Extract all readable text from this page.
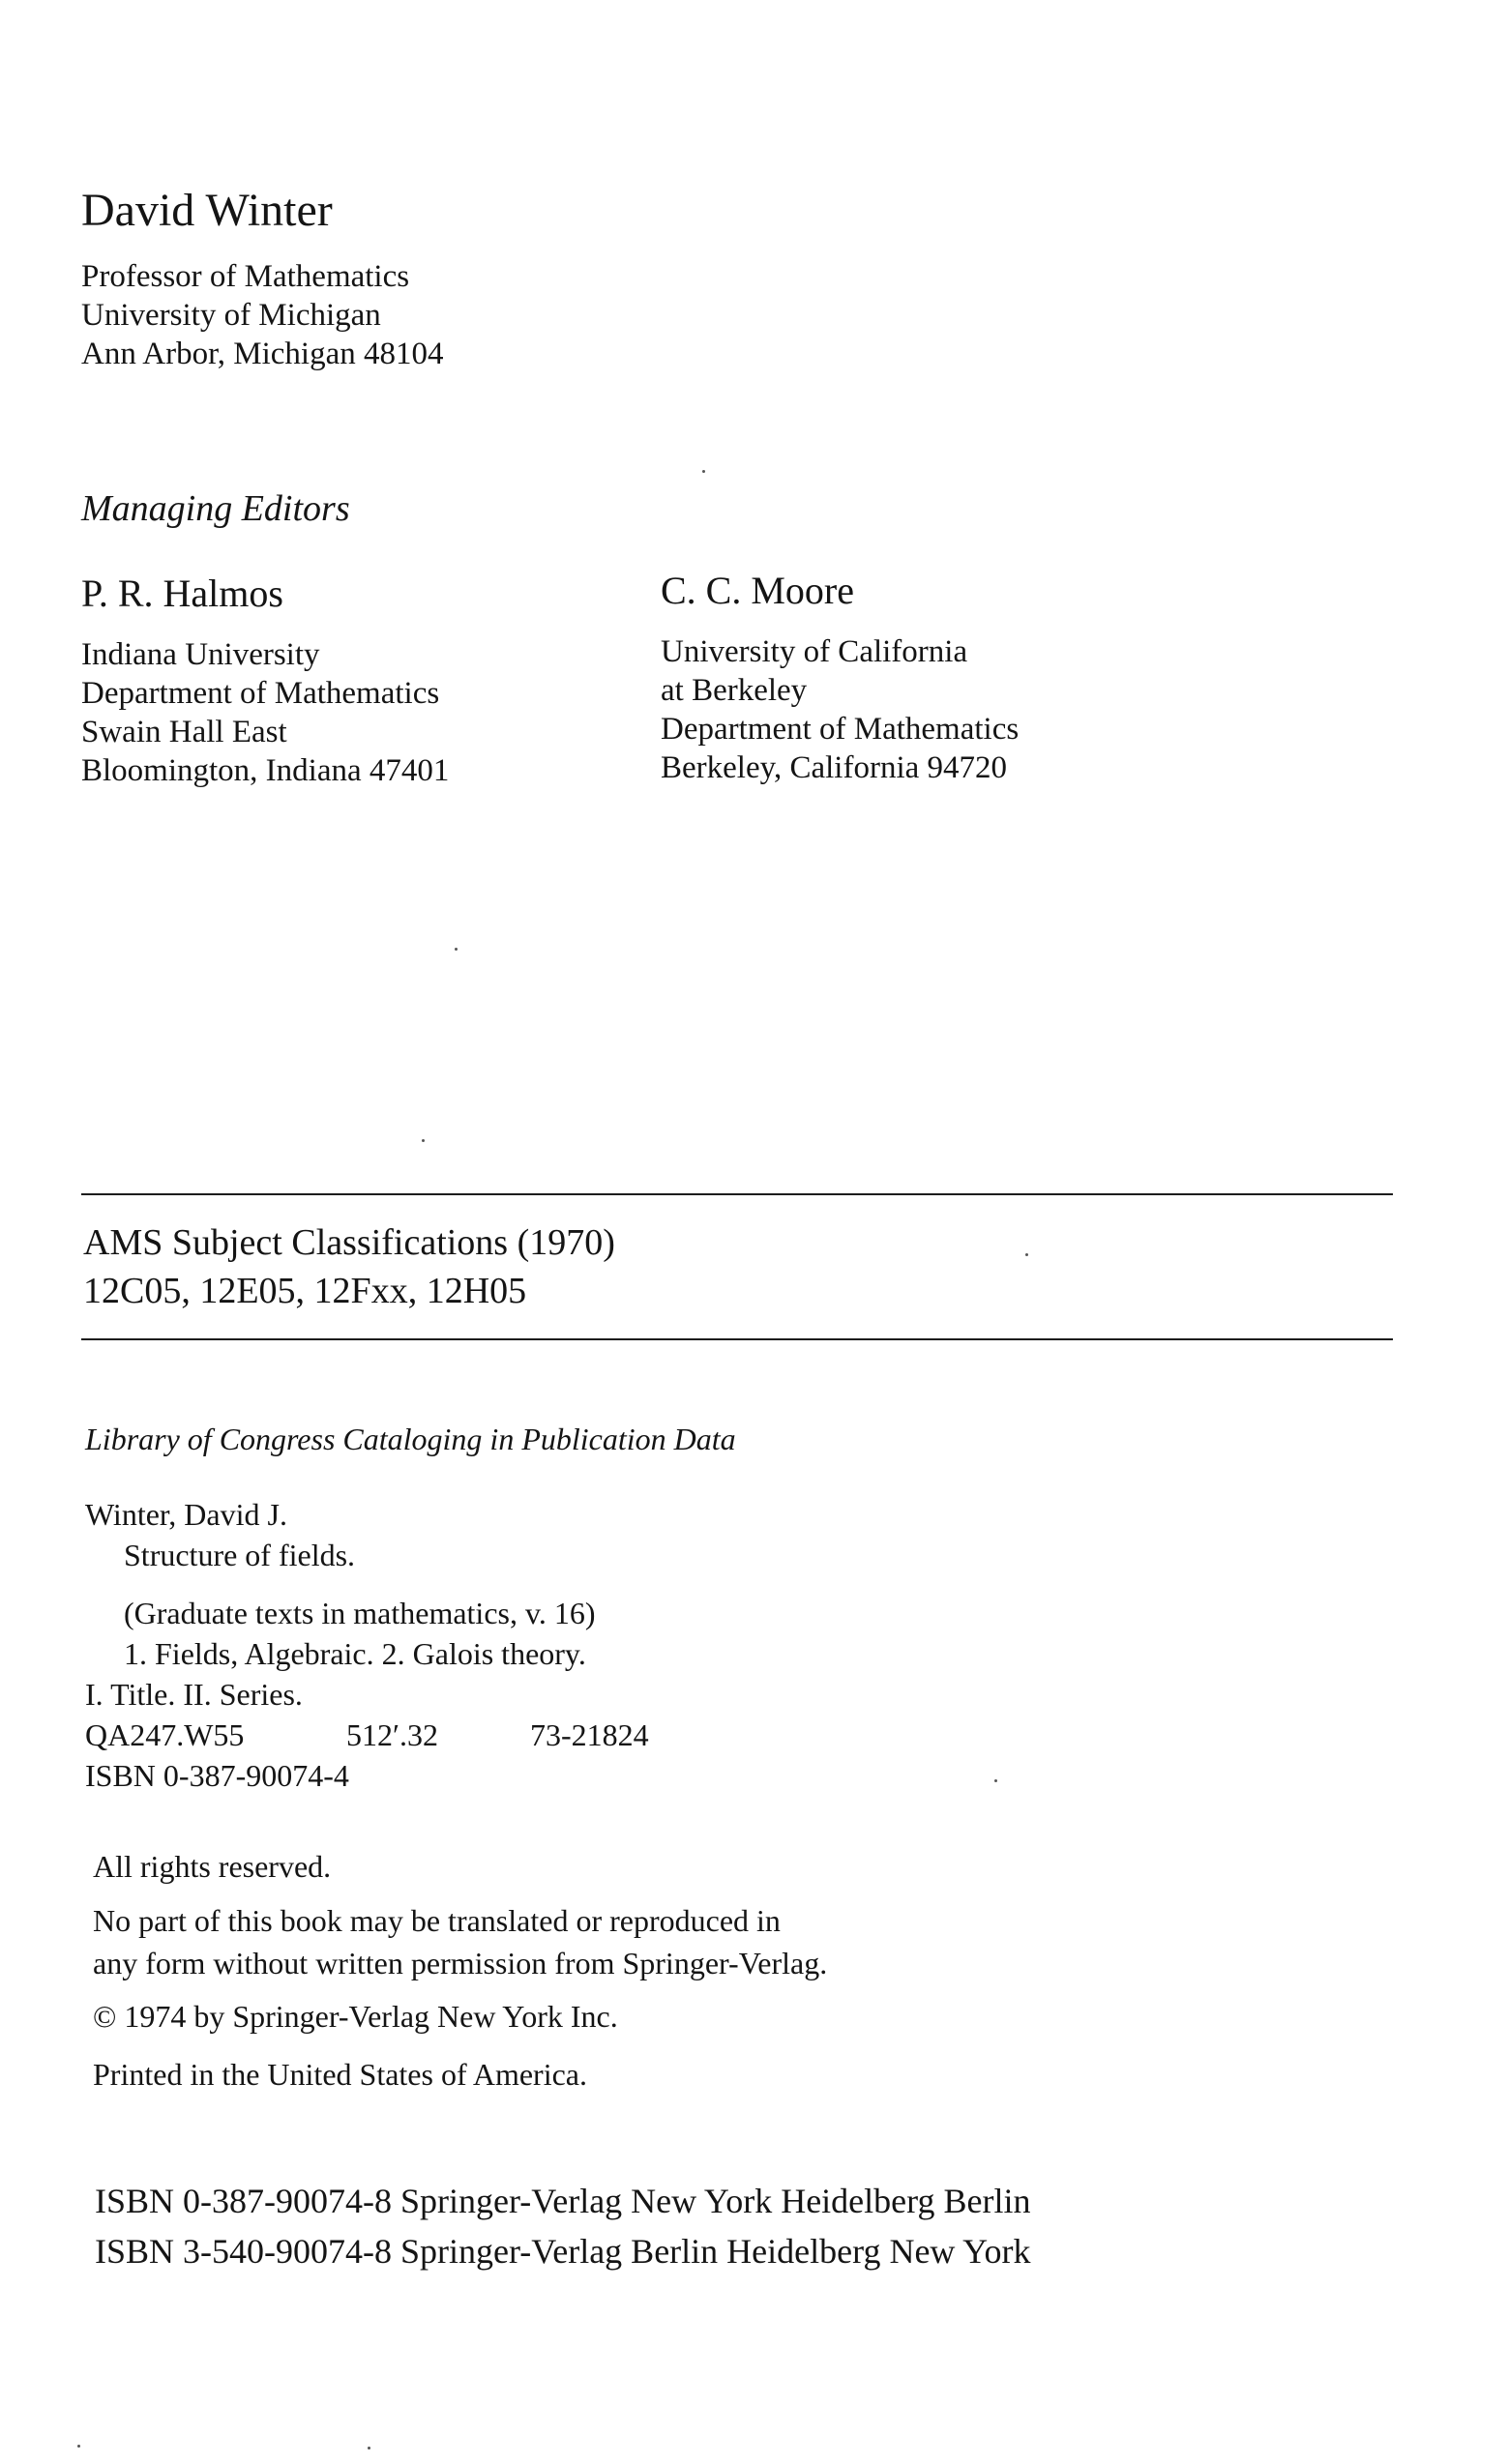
David Winter
Professor of Mathematics
University of Michigan
Ann Arbor, Michigan 48104
Managing Editors
P. R. Halmos
Indiana University
Department of Mathematics
Swain Hall East
Bloomington, Indiana 47401
C. C. Moore
University of California
at Berkeley
Department of Mathematics
Berkeley, California 94720
AMS Subject Classifications (1970)
12C05, 12E05, 12Fxx, 12H05
Library of Congress Cataloging in Publication Data
Winter, David J.
Structure of fields.
(Graduate texts in mathematics, v. 16)
1. Fields, Algebraic. 2. Galois theory.
I. Title. II. Series.
QA247.W55	512′.32	73-21824
ISBN 0-387-90074-4
All rights reserved.
No part of this book may be translated or reproduced in
any form without written permission from Springer-Verlag.
© 1974 by Springer-Verlag New York Inc.
Printed in the United States of America.
ISBN 0-387-90074-8 Springer-Verlag New York Heidelberg Berlin
ISBN 3-540-90074-8 Springer-Verlag Berlin Heidelberg New York
